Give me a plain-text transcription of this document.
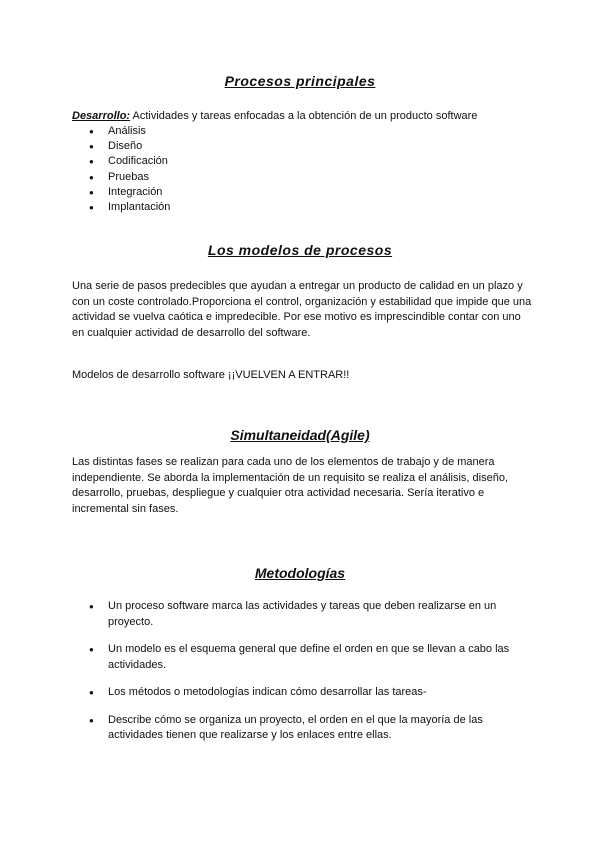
Procesos principales

Desarrollo: Actividades y tareas enfocadas a la obtención de un producto software

● Análisis
● Diseño
● Codificación
● Pruebas
● Integración
● Implantación
Los modelos de procesos

Una serie de pasos predecibles que ayudan a entregar un producto de calidad en un plazo y con un coste controlado.Proporciona el control, organización y estabilidad que impide que una actividad se vuelva caótica e impredecible. Por ese motivo es imprescindible contar con uno en cualquier actividad de desarrollo del software.

Modelos de desarrollo software ¡¡VUELVEN A ENTRAR!!

Simultaneidad(Agile)

Las distintas fases se realizan para cada uno de los elementos de trabajo y de manera independiente. Se aborda la implementación de un requisito se realiza el análisis, diseño, desarrollo, pruebas, despliegue y cualquier otra actividad necesaria. Sería iterativo e incremental sin fases.

Metodologías
● Un proceso software marca las actividades y tareas que deben realizarse en un proyecto.
● Un modelo es el esquema general que define el orden en que se llevan a cabo las actividades.
● Los métodos o metodologías indican cómo desarrollar las tareas-
● Describe cómo se organiza un proyecto, el orden en el que la mayoría de las actividades tienen que realizarse y los enlaces entre ellas.
